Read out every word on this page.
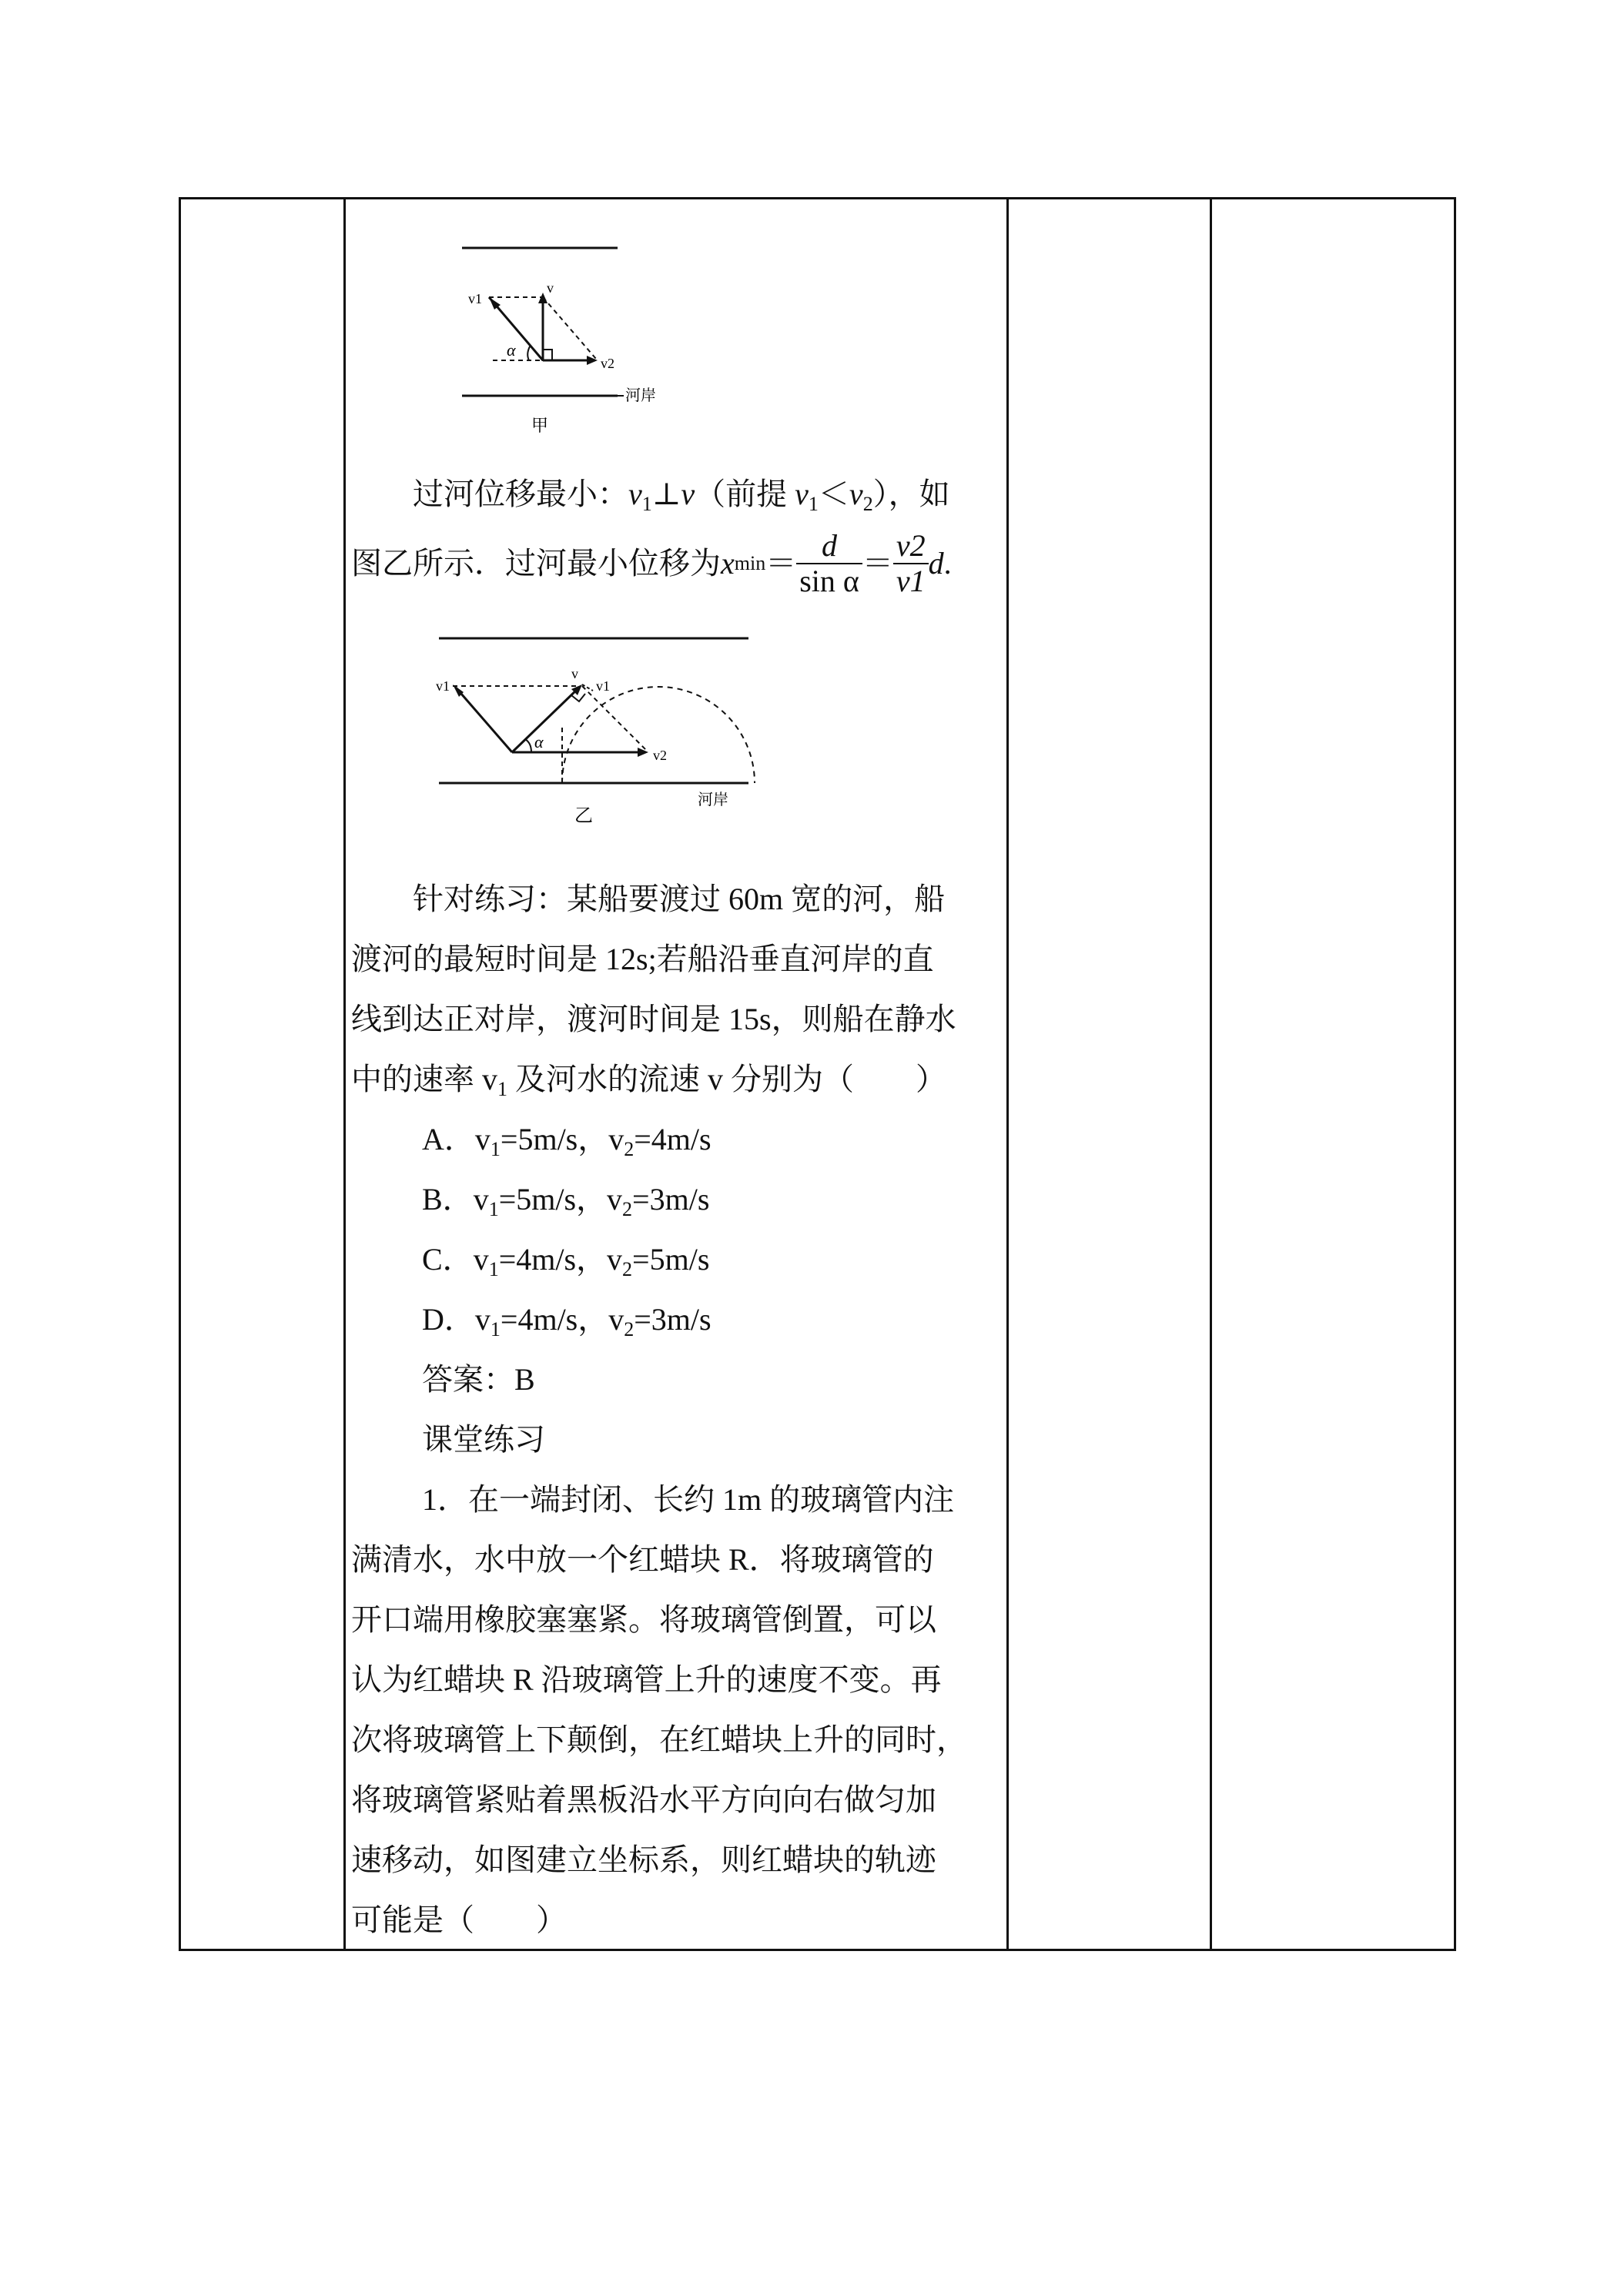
v1
v
v2
α
河岸
甲
过河位移最小：$v_1\perp v$（前提 $v_1<v_2$），如
图乙所示．过河最小位移为 x $\min = \frac{d}{\text{sin α}} = \frac{v2}{v1}$ d .
v1
v
v1
v2
α
河岸
乙
针对练习：某船要渡过 60m 宽的河，船
渡河的最短时间是 12s;若船沿垂直河岸的直
线到达正对岸，渡河时间是 15s，则船在静水
中的速率 $v_1$ 及河水的流速 v 分别为（　　）
A．$v_1=5m/s$，$v_2=4m/s$
B．$v_1=5m/s$，$v_2=3m/s$
C．$v_1=4m/s$，$v_2=5m/s$
D．$v_1=4m/s$，$v_2=3m/s$
答案：B
课堂练习
1．在一端封闭、长约 1m 的玻璃管内注
满清水，水中放一个红蜡块 R．将玻璃管的
开口端用橡胶塞塞紧。将玻璃管倒置，可以
认为红蜡块 R 沿玻璃管上升的速度不变。再
次将玻璃管上下颠倒，在红蜡块上升的同时，
将玻璃管紧贴着黑板沿水平方向向右做匀加
速移动，如图建立坐标系，则红蜡块的轨迹
可能是（　　）
